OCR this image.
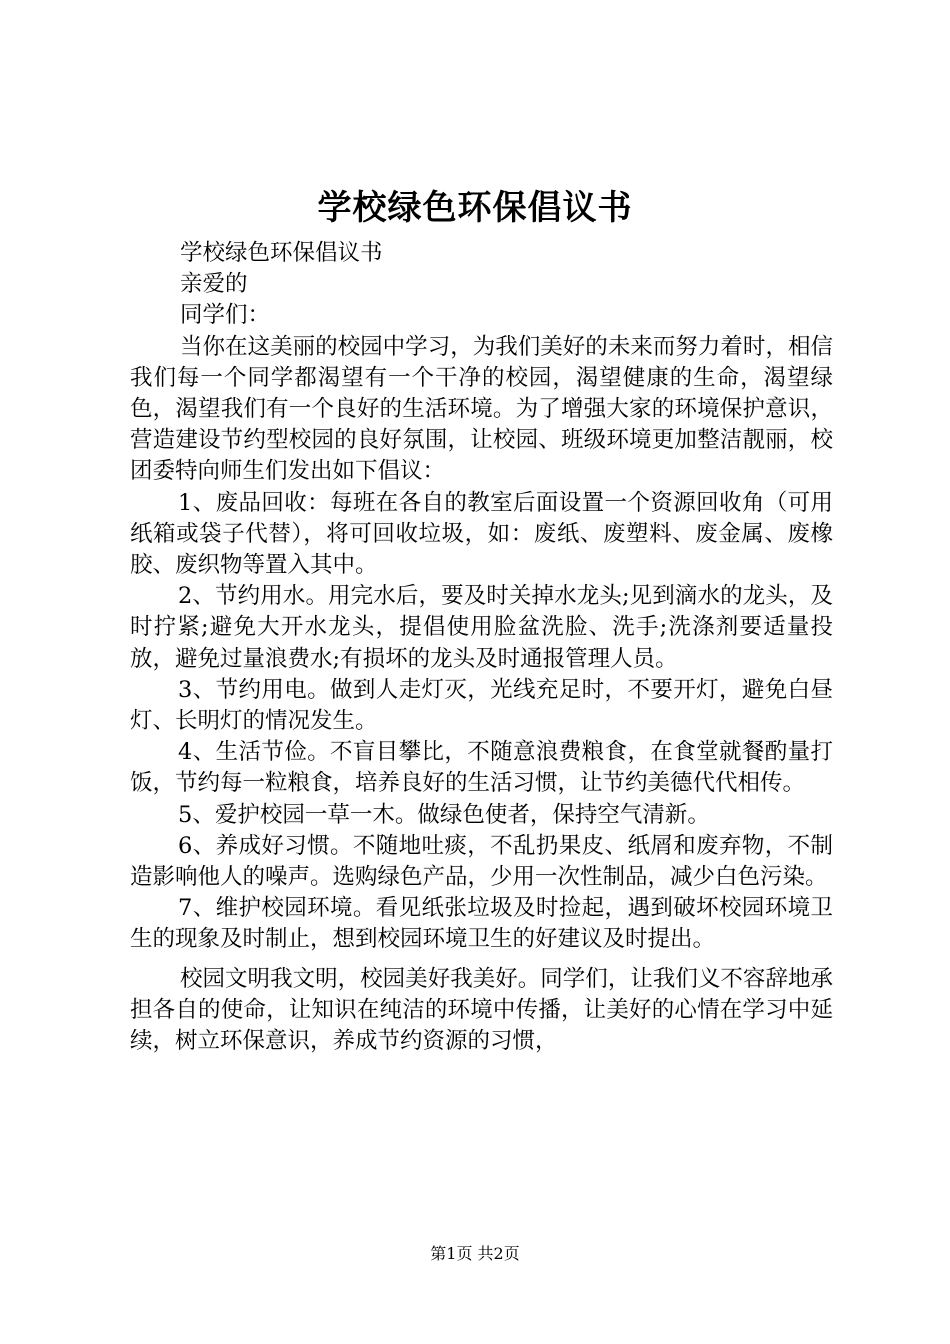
学校绿色环保倡议书

学校绿色环保倡议书

亲爱的

同学们：

当你在这美丽的校园中学习，为我们美好的未来而努力着时，相信我们每一个同学都渴望有一个干净的校园，渴望健康的生命，渴望绿色，渴望我们有一个良好的生活环境。为了增强大家的环境保护意识，营造建设节约型校园的良好氛围，让校园、班级环境更加整洁靓丽，校团委特向师生们发出如下倡议：

1、废品回收：每班在各自的教室后面设置一个资源回收角（可用纸箱或袋子代替），将可回收垃圾，如：废纸、废塑料、废金属、废橡胶、废织物等置入其中。

2、节约用水。用完水后，要及时关掉水龙头;见到滴水的龙头，及时拧紧;避免大开水龙头，提倡使用脸盆洗脸、洗手;洗涤剂要适量投放，避免过量浪费水;有损坏的龙头及时通报管理人员。

3、节约用电。做到人走灯灭，光线充足时，不要开灯，避免白昼灯、长明灯的情况发生。

4、生活节俭。不盲目攀比，不随意浪费粮食，在食堂就餐酌量打饭，节约每一粒粮食，培养良好的生活习惯，让节约美德代代相传。

5、爱护校园一草一木。做绿色使者，保持空气清新。

6、养成好习惯。不随地吐痰，不乱扔果皮、纸屑和废弃物，不制造影响他人的噪声。选购绿色产品，少用一次性制品，减少白色污染。

7、维护校园环境。看见纸张垃圾及时捡起，遇到破坏校园环境卫生的现象及时制止，想到校园环境卫生的好建议及时提出。

校园文明我文明，校园美好我美好。同学们，让我们义不容辞地承担各自的使命，让知识在纯洁的环境中传播，让美好的心情在学习中延续，树立环保意识，养成节约资源的习惯，

第1页 共2页
